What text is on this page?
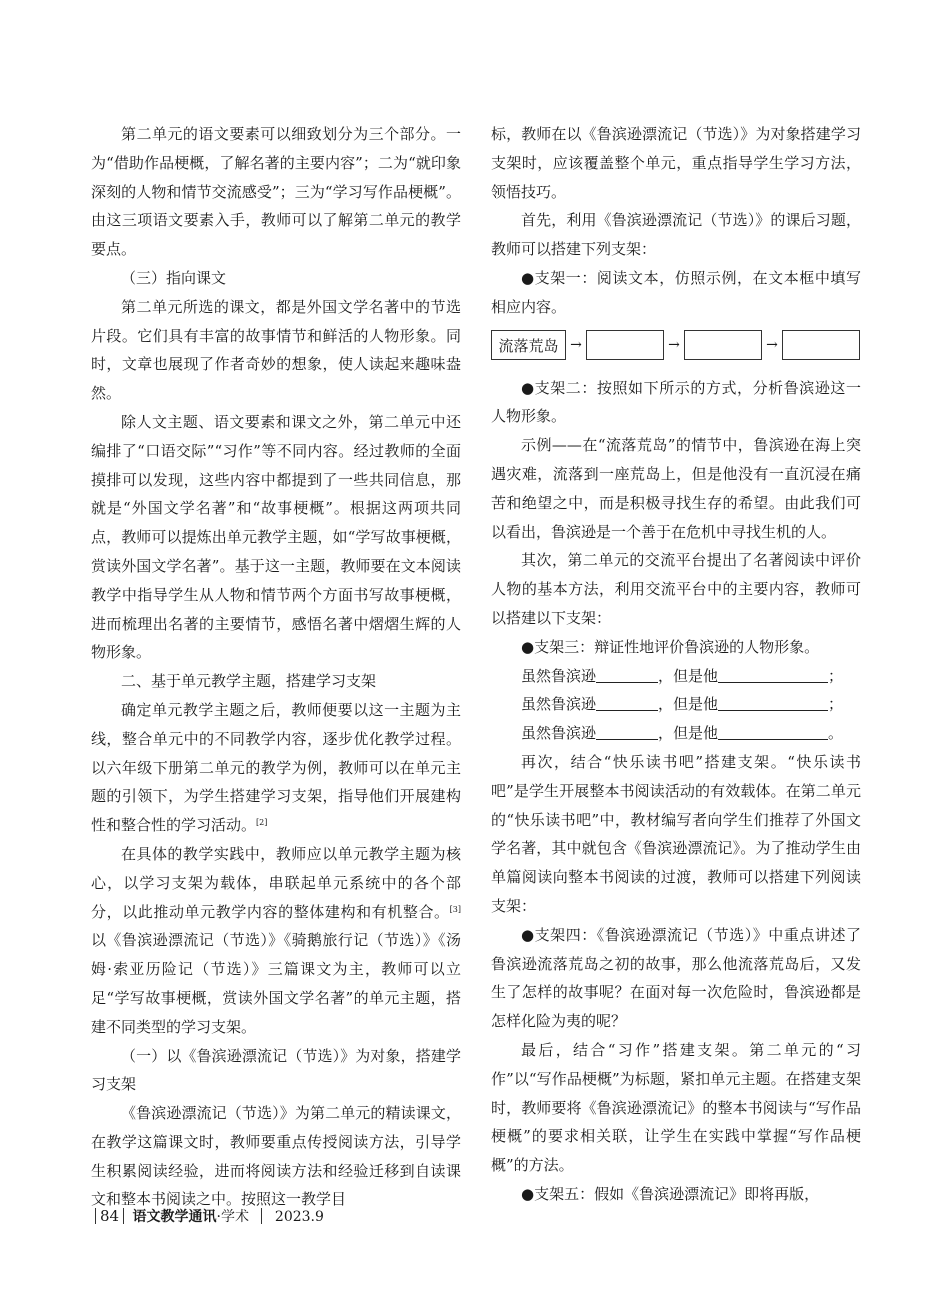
第二单元的语文要素可以细致划分为三个部分。一为“借助作品梗概，了解名著的主要内容”；二为“就印象深刻的人物和情节交流感受”；三为“学习写作品梗概”。由这三项语文要素入手，教师可以了解第二单元的教学要点。

（三）指向课文

第二单元所选的课文，都是外国文学名著中的节选片段。它们具有丰富的故事情节和鲜活的人物形象。同时，文章也展现了作者奇妙的想象，使人读起来趣味盎然。

除人文主题、语文要素和课文之外，第二单元中还编排了“口语交际”“习作”等不同内容。经过教师的全面摸排可以发现，这些内容中都提到了一些共同信息，那就是“外国文学名著”和“故事梗概”。根据这两项共同点，教师可以提炼出单元教学主题，如“学写故事梗概，赏读外国文学名著”。基于这一主题，教师要在文本阅读教学中指导学生从人物和情节两个方面书写故事梗概，进而梳理出名著的主要情节，感悟名著中熠熠生辉的人物形象。

二、基于单元教学主题，搭建学习支架

确定单元教学主题之后，教师便要以这一主题为主线，整合单元中的不同教学内容，逐步优化教学过程。以六年级下册第二单元的教学为例，教师可以在单元主题的引领下，为学生搭建学习支架，指导他们开展建构性和整合性的学习活动。[2]

在具体的教学实践中，教师应以单元教学主题为核心，以学习支架为载体，串联起单元系统中的各个部分，以此推动单元教学内容的整体建构和有机整合。[3]以《鲁滨逊漂流记（节选）》《骑鹅旅行记（节选）》《汤姆·索亚历险记（节选）》三篇课文为主，教师可以立足“学写故事梗概，赏读外国文学名著”的单元主题，搭建不同类型的学习支架。

（一）以《鲁滨逊漂流记（节选）》为对象，搭建学习支架

《鲁滨逊漂流记（节选）》为第二单元的精读课文，在教学这篇课文时，教师要重点传授阅读方法，引导学生积累阅读经验，进而将阅读方法和经验迁移到自读课文和整本书阅读之中。按照这一教学目

标，教师在以《鲁滨逊漂流记（节选）》为对象搭建学习支架时，应该覆盖整个单元，重点指导学生学习方法，领悟技巧。

首先，利用《鲁滨逊漂流记（节选）》的课后习题，教师可以搭建下列支架：

●支架一：阅读文本，仿照示例，在文本框中填写相应内容。

流落荒岛 →	→	→

●支架二：按照如下所示的方式，分析鲁滨逊这一人物形象。

示例——在“流落荒岛”的情节中，鲁滨逊在海上突遇灾难，流落到一座荒岛上，但是他没有一直沉浸在痛苦和绝望之中，而是积极寻找生存的希望。由此我们可以看出，鲁滨逊是一个善于在危机中寻找生机的人。

其次，第二单元的交流平台提出了名著阅读中评价人物的基本方法，利用交流平台中的主要内容，教师可以搭建以下支架：

●支架三：辩证性地评价鲁滨逊的人物形象。

虽然鲁滨逊	，但是他	；

虽然鲁滨逊	，但是他	；

虽然鲁滨逊	，但是他	。

再次，结合“快乐读书吧”搭建支架。“快乐读书吧”是学生开展整本书阅读活动的有效载体。在第二单元的“快乐读书吧”中，教材编写者向学生们推荐了外国文学名著，其中就包含《鲁滨逊漂流记》。为了推动学生由单篇阅读向整本书阅读的过渡，教师可以搭建下列阅读支架：

●支架四：《鲁滨逊漂流记（节选）》中重点讲述了鲁滨逊流落荒岛之初的故事，那么他流落荒岛后，又发生了怎样的故事呢？在面对每一次危险时，鲁滨逊都是怎样化险为夷的呢？

最后，结合“习作”搭建支架。第二单元的“习作”以“写作品梗概”为标题，紧扣单元主题。在搭建支架时，教师要将《鲁滨逊漂流记》的整本书阅读与“写作品梗概”的要求相关联，让学生在实践中掌握“写作品梗概”的方法。

●支架五：假如《鲁滨逊漂流记》即将再版，

84 语文教学通讯·学术 2023.9
